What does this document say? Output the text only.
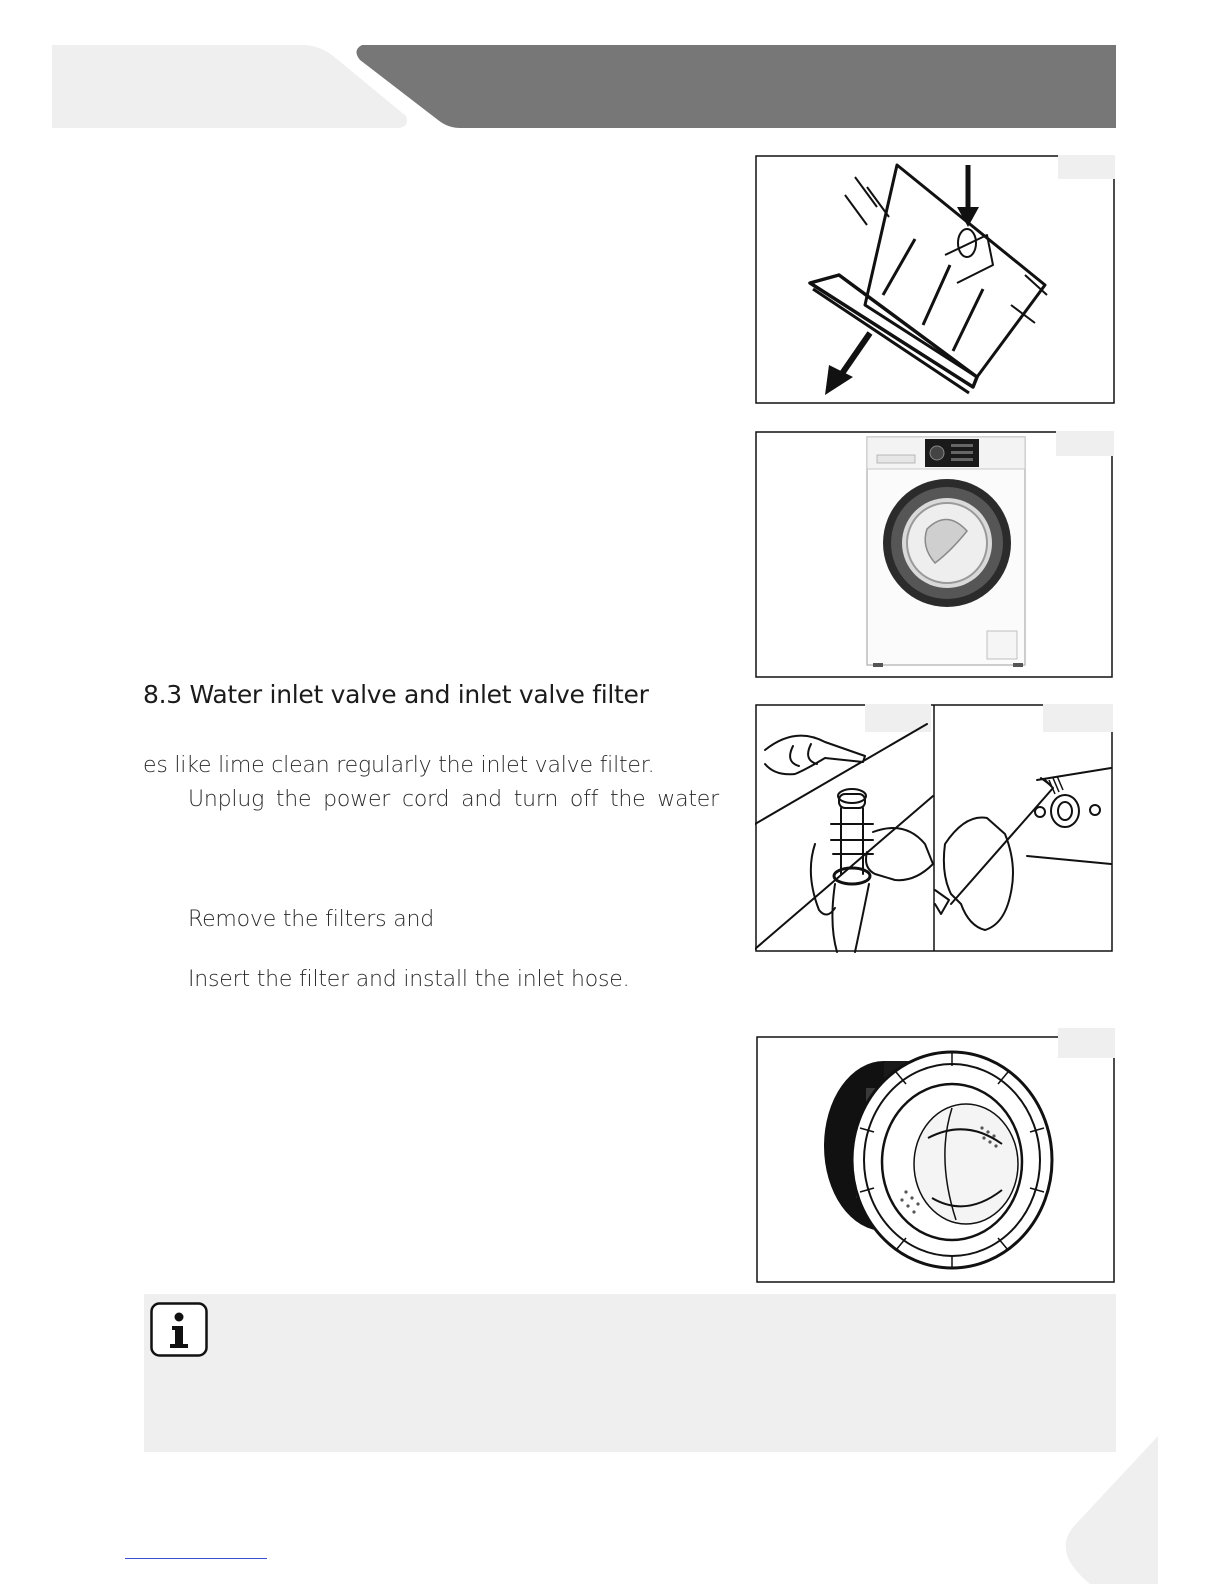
8.3 Water inlet valve and inlet valve filter
es like lime clean regularly the inlet valve filter.
Unplug the power cord and turn off the water
Remove the filters and
Insert the filter and install the inlet hose.
